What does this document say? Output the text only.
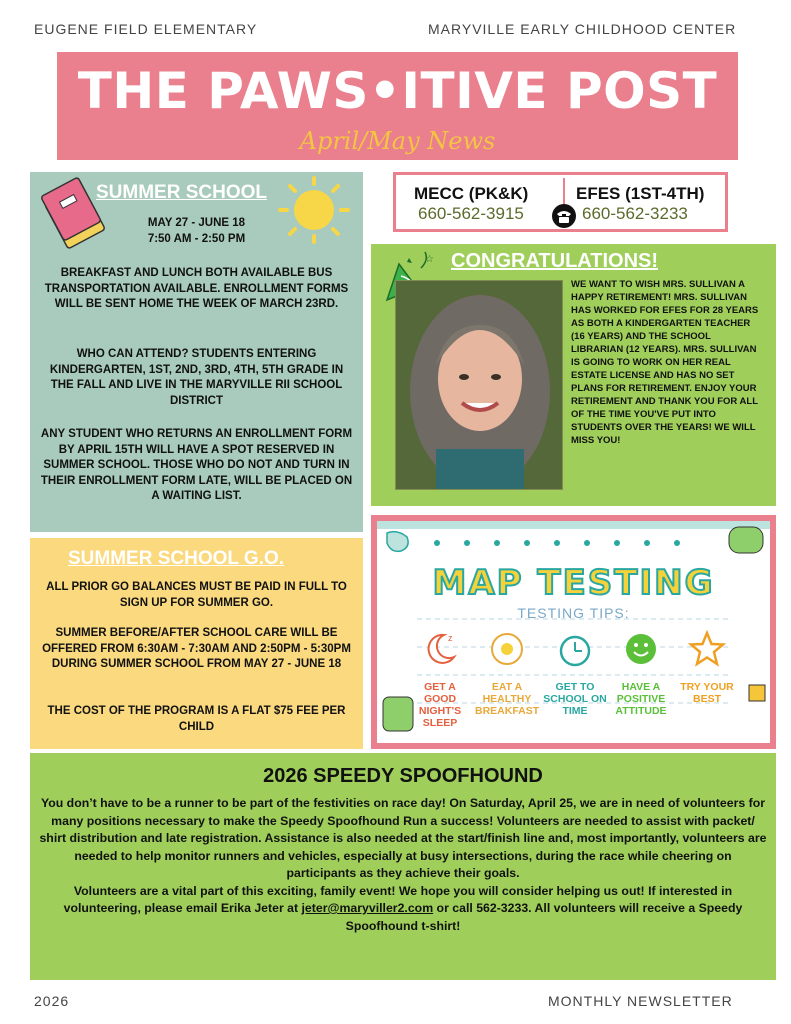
EUGENE FIELD ELEMENTARY	MARYVILLE EARLY CHILDHOOD CENTER
THE PAWS•ITIVE POST
April/May News
SUMMER SCHOOL
MAY 27 - JUNE 18
7:50 AM - 2:50 PM
BREAKFAST AND LUNCH BOTH AVAILABLE BUS TRANSPORTATION AVAILABLE. ENROLLMENT FORMS WILL BE SENT HOME THE WEEK OF MARCH 23RD.
WHO CAN ATTEND? STUDENTS ENTERING KINDERGARTEN, 1ST, 2ND, 3RD, 4TH, 5TH GRADE IN THE FALL AND LIVE IN THE MARYVILLE RII SCHOOL DISTRICT
ANY STUDENT WHO RETURNS AN ENROLLMENT FORM BY APRIL 15TH WILL HAVE A SPOT RESERVED IN SUMMER SCHOOL. THOSE WHO DO NOT AND TURN IN THEIR ENROLLMENT FORM LATE, WILL BE PLACED ON A WAITING LIST.
MECC (PK&K)
660-562-3915
EFES (1ST-4TH)
660-562-3233
☆ CONGRATULATIONS!
WE WANT TO WISH MRS. SULLIVAN A HAPPY RETIREMENT! MRS. SULLIVAN HAS WORKED FOR EFES FOR 28 YEARS AS BOTH A KINDERGARTEN TEACHER (16 YEARS) AND THE SCHOOL LIBRARIAN (12 YEARS). MRS. SULLIVAN IS GOING TO WORK ON HER REAL ESTATE LICENSE AND HAS NO SET PLANS FOR RETIREMENT. ENJOY YOUR RETIREMENT AND THANK YOU FOR ALL OF THE TIME YOU'VE PUT INTO STUDENTS OVER THE YEARS! WE WILL MISS YOU!
SUMMER SCHOOL G.O.
ALL PRIOR GO BALANCES MUST BE PAID IN FULL TO SIGN UP FOR SUMMER GO.
SUMMER BEFORE/AFTER SCHOOL CARE WILL BE OFFERED FROM 6:30AM - 7:30AM AND 2:50PM - 5:30PM DURING SUMMER SCHOOL FROM MAY 27 - JUNE 18
THE COST OF THE PROGRAM IS A FLAT $75 FEE PER CHILD
MAP TESTING
TESTING TIPS:
z
GET A GOOD NIGHT'S SLEEP
EAT A HEALTHY BREAKFAST
GET TO SCHOOL ON TIME
HAVE A POSITIVE ATTITUDE
TRY YOUR BEST
2026 SPEEDY SPOOFHOUND
You don’t have to be a runner to be part of the festivities on race day! On Saturday, April 25, we are in need of volunteers for many positions necessary to make the Speedy Spoofhound Run a success! Volunteers are needed to assist with packet/ shirt distribution and late registration. Assistance is also needed at the start/finish line and, most importantly, volunteers are needed to help monitor runners and vehicles, especially at busy intersections, during the race while cheering on participants as they achieve their goals.
Volunteers are a vital part of this exciting, family event! We hope you will consider helping us out! If interested in volunteering, please email Erika Jeter at jeter@maryviller2.com or call 562-3233. All volunteers will receive a Speedy Spoofhound t-shirt!
2026	MONTHLY NEWSLETTER
